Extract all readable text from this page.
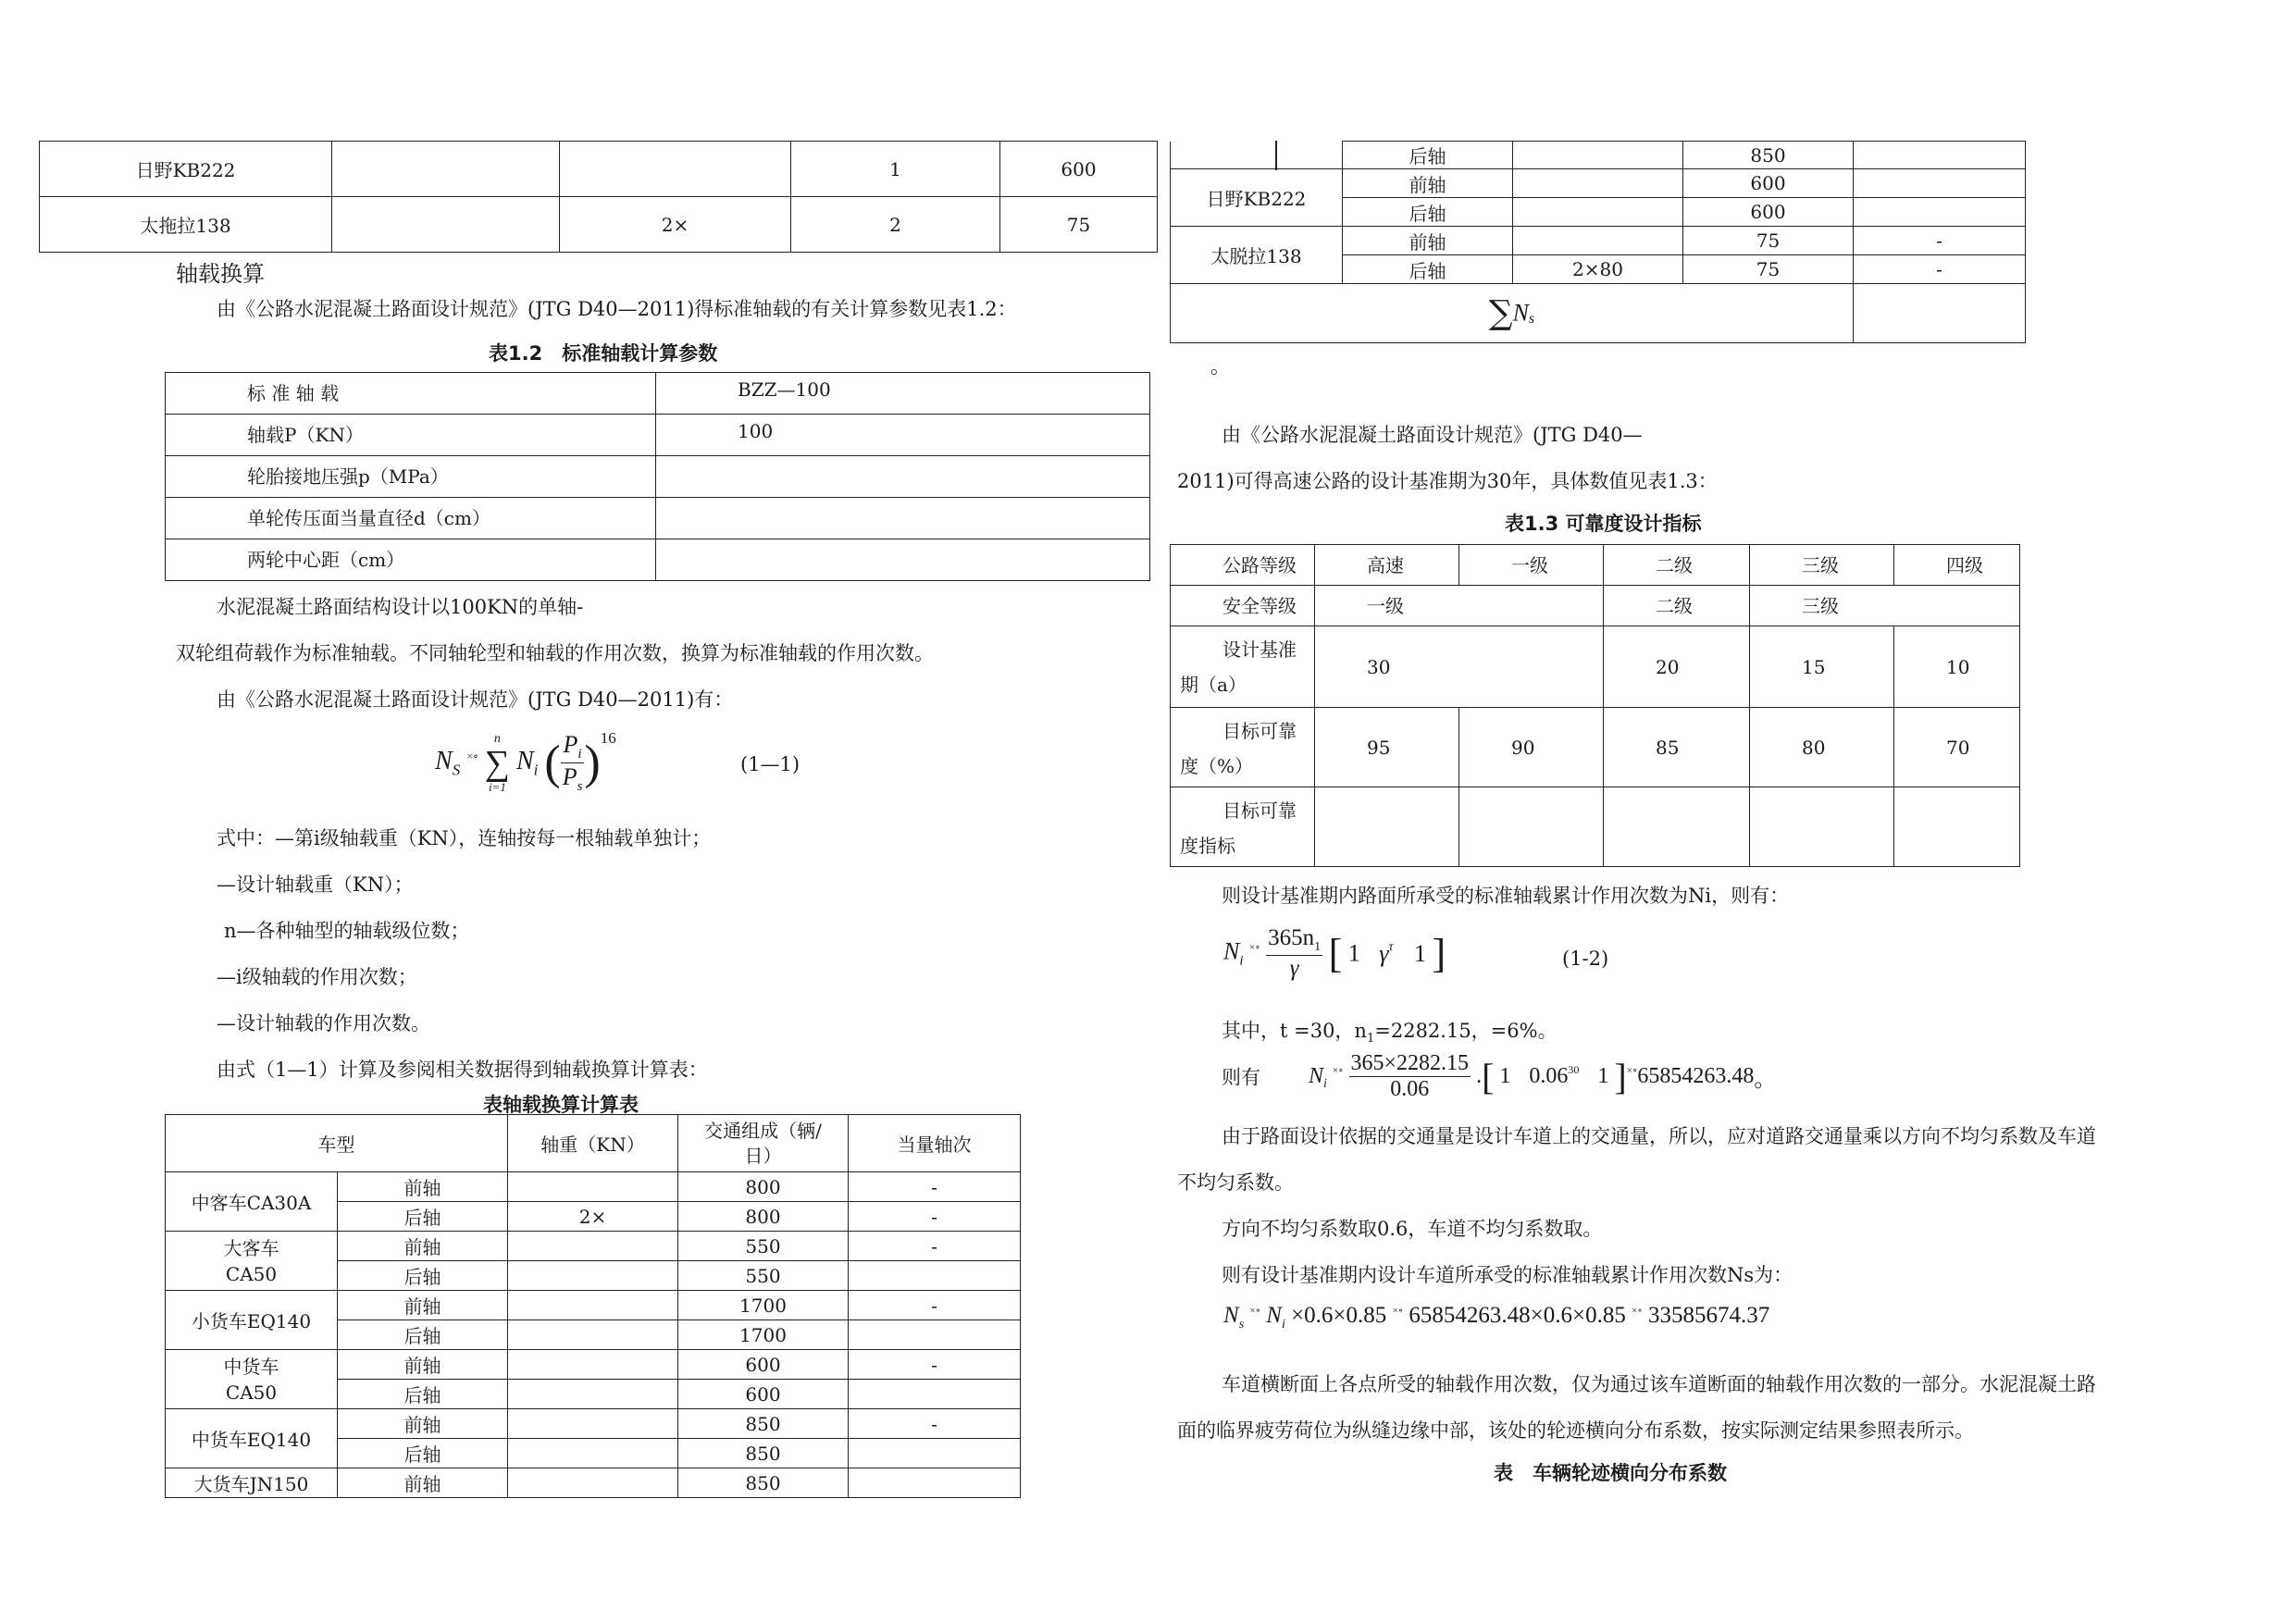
日野KB222			1	600
太拖拉138		2×	2	75
轴载换算
由《公路水泥混凝土路面设计规范》(JTG D40—2011)得标准轴载的有关计算参数见表1.2：
表1.2　标准轴载计算参数
标 准 轴 载	BZZ—100
轴载P（KN）	100
轮胎接地压强p（MPa）	
单轮传压面当量直径d（cm）	
两轮中心距（cm）	
水泥混凝土路面结构设计以100KN的单轴-
双轮组荷载作为标准轴载。不同轴轮型和轴载的作用次数，换算为标准轴载的作用次数。
由《公路水泥混凝土路面设计规范》(JTG D40—2011)有：
$N_S$ ×∘
n
∑
i=1
$N_i$ ( $\frac{P_i}{P_s} )^{16}$
(1—1)
式中：—第i级轴载重（KN），连轴按每一根轴载单独计；
—设计轴载重（KN）；
n—各种轴型的轴载级位数；
—i级轴载的作用次数；
—设计轴载的作用次数。
由式（1—1）计算及参阅相关数据得到轴载换算计算表：
表轴载换算计算表
车型		轴重（KN）	交通组成（辆/日）	当量轴次
中客车CA30A	前轴		800	-
	后轴	2×	800	-
大客车CA50	前轴		550	-
	后轴		550	
小货车EQ140	前轴		1700	-
	后轴		1700	
中货车CA50	前轴		600	-
	后轴		600	
中货车EQ140	前轴		850	-
	后轴		850	
大货车JN150	前轴		850	
	后轴		850	
日野KB222	前轴		600	
	后轴		600	
太脱拉138	前轴		75	-
	后轴	2×80	75	-
$\sum N_s$	
。
由《公路水泥混凝土路面设计规范》(JTG D40—
2011)可得高速公路的设计基准期为30年，具体数值见表1.3：
表1.3 可靠度设计指标
公路等级	高速	一级	二级	三级	四级
安全等级	一级		二级	三级	
设计基准期（a）	30		20	15	10
目标可靠度（%）	95	90	85	80	70
目标可靠度指标					
则设计基准期内路面所承受的标准轴载累计作用次数为Ni，则有：
$N_i$ $^{\times\circ} \frac{365n_1}{\gamma}$ [ 1 $\gamma^\tau$ 1 ]	(1-2)
其中，t =30，$n_1=2282.15$，=6%。
则有 $N_i$ $^{\times\circ} \frac{365\times 2282.15}{0.06}$ .[ 1 0.06$^{30}$ 1 ]×∘65854263.48。
由于路面设计依据的交通量是设计车道上的交通量，所以，应对道路交通量乘以方向不均匀系数及车道
不均匀系数。
方向不均匀系数取0.6，车道不均匀系数取。
则有设计基准期内设计车道所承受的标准轴载累计作用次数Ns为：
$N_s$ ×∘ $N_i \times 0.6\times 0.85$ ×∘ 65854263.48×0.6×0.85 ×∘ 33585674.37
车道横断面上各点所受的轴载作用次数，仅为通过该车道断面的轴载作用次数的一部分。水泥混凝土路
面的临界疲劳荷位为纵缝边缘中部，该处的轮迹横向分布系数，按实际测定结果参照表所示。
表　车辆轮迹横向分布系数
